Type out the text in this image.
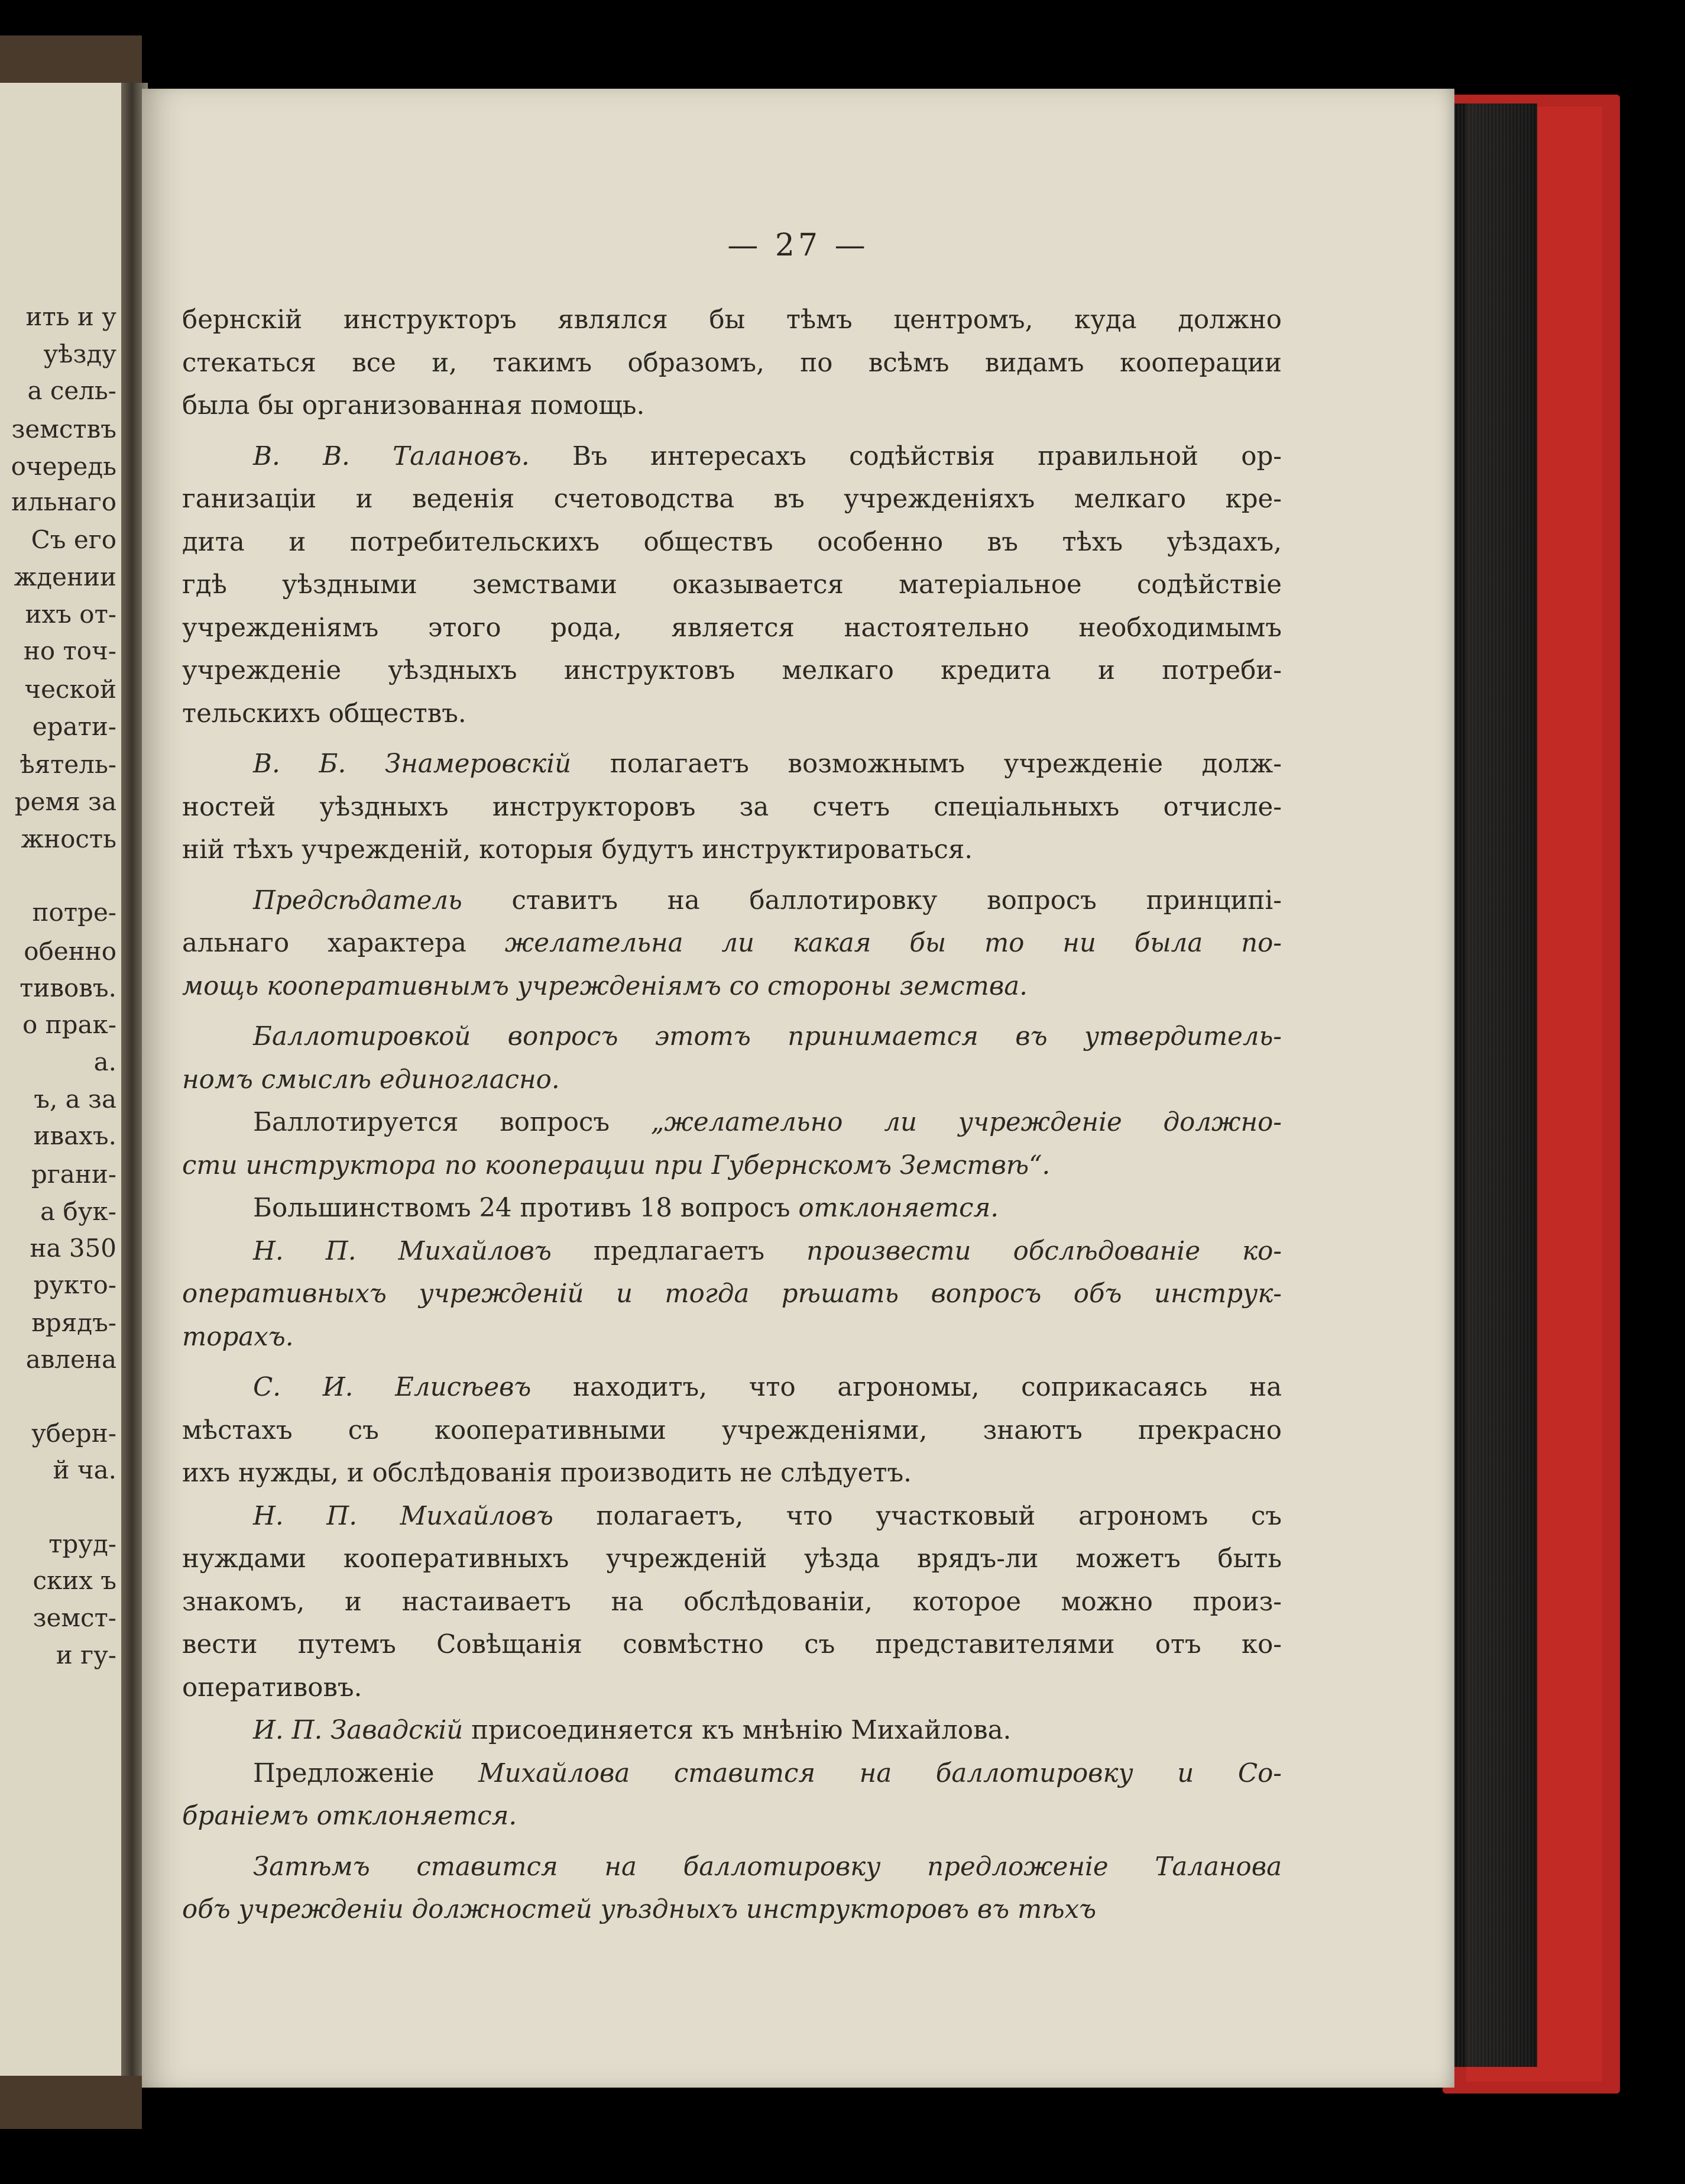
ить и у
уѣзду
а сель-
земствъ
очередь
ильнаго
Съ его
ждении
ихъ от-
но точ-
ческой
ерати-
ѣятель-
ремя за
жность
потре-
обенно
тивовъ.
о прак-
a.
ъ, а за
ивахъ.
ргани-
а бук-
на 350
рукто-
врядъ-
авлена
уберн-
й ча.
труд-
ских ъ
земст-
и гу-
— 27 —
бернскій инструкторъ являлся бы тѣмъ центромъ, куда должно
стекаться все и, такимъ образомъ, по всѣмъ видамъ кооперации
была бы организованная помощь.
В. В. Талановъ. Въ интересахъ содѣйствія правильной ор-
ганизаціи и веденія счетоводства въ учрежденіяхъ мелкаго кре-
дита и потребительскихъ обществъ особенно въ тѣхъ уѣздахъ,
гдѣ уѣздными земствами оказывается матеріальное содѣйствіе
учрежденіямъ этого рода, является настоятельно необходимымъ
учрежденіе уѣздныхъ инструктовъ мелкаго кредита и потреби-
тельскихъ обществъ.
В. Б. Знамеровскій полагаетъ возможнымъ учрежденіе долж-
ностей уѣздныхъ инструкторовъ за счетъ спеціальныхъ отчисле-
ній тѣхъ учрежденій, которыя будутъ инструктироваться.
Предсѣдатель ставитъ на баллотировку вопросъ принципі-
альнаго характера желательна ли какая бы то ни была по-
мощь кооперативнымъ учрежденіямъ со стороны земства.
Баллотировкой вопросъ этотъ принимается въ утвердитель-
номъ смыслѣ единогласно.
Баллотируется вопросъ „желательно ли учрежденіе должно-
сти инструктора по кооперации при Губернскомъ Земствѣ“.
Большинствомъ 24 противъ 18 вопросъ отклоняется.
Н. П. Михайловъ предлагаетъ произвести обслѣдованіе ко-
оперативныхъ учрежденій и тогда рѣшать вопросъ объ инструк-
торахъ.
С. И. Елисѣевъ находитъ, что агрономы, соприкасаясь на
мѣстахъ съ кооперативными учрежденіями, знаютъ прекрасно
ихъ нужды, и обслѣдованія производить не слѣдуетъ.
Н. П. Михайловъ полагаетъ, что участковый агрономъ съ
нуждами кооперативныхъ учрежденій уѣзда врядъ-ли можетъ быть
знакомъ, и настаиваетъ на обслѣдованіи, которое можно произ-
вести путемъ Совѣщанія совмѣстно съ представителями отъ ко-
оперативовъ.
И. П. Завадскій присоединяется къ мнѣнію Михайлова.
Предложеніе Михайлова ставится на баллотировку и Со-
браніемъ отклоняется.
Затѣмъ ставится на баллотировку предложеніе Таланова
объ учрежденіи должностей уѣздныхъ инструкторовъ въ тѣхъ
